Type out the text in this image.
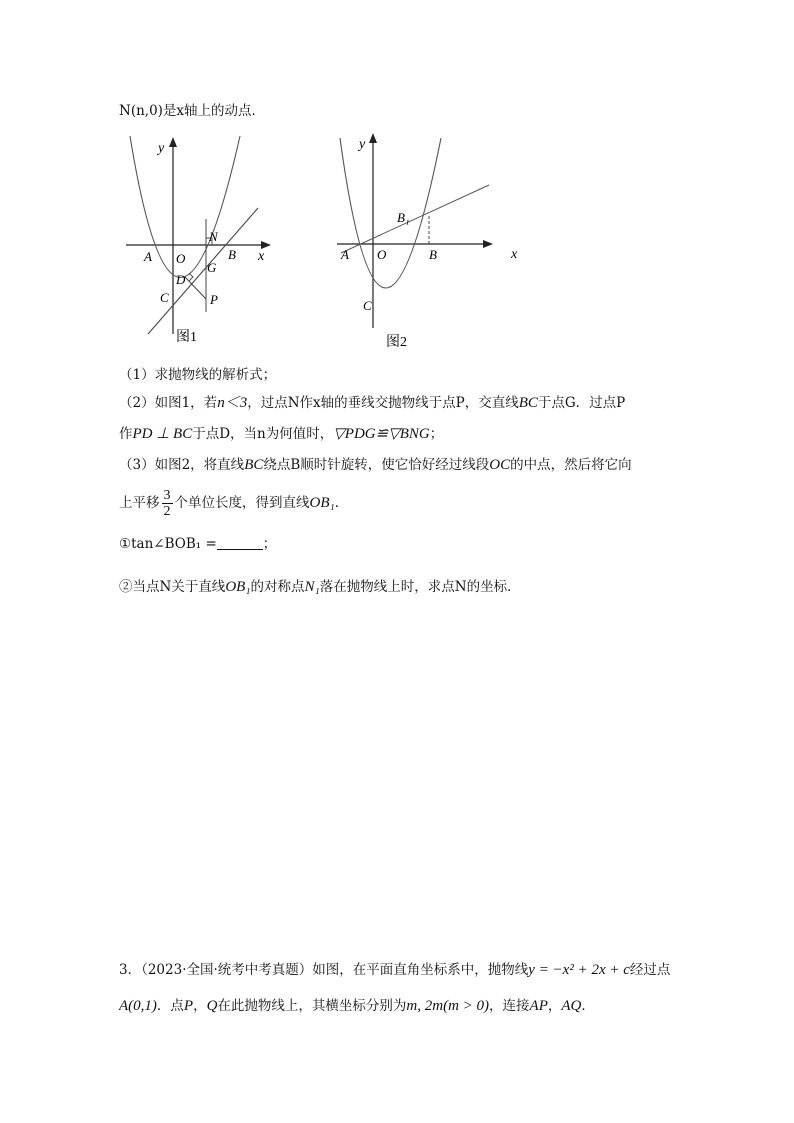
N(n,0)是x轴上的动点．
y
x
O
A	B
N
G
D
C	P
图1
y
x
O
A	B
B₁
C
图2
（1）求抛物线的解析式；
（2）如图1，若n＜3，过点N作x轴的垂线交抛物线于点P，交直线BC于点G．过点P
作PD ⊥ BC于点D，当n为何值时，▽PDG≌▽BNG；
（3）如图2，将直线BC绕点B顺时针旋转，使它恰好经过线段OC的中点，然后将它向
上平移 $\frac{3}{2}$ 个单位长度，得到直线OB₁．
①tan∠BOB₁ =	；
②当点N关于直线OB₁的对称点N₁落在抛物线上时，求点N的坐标．
3．（2023·全国·统考中考真题）如图，在平面直角坐标系中，抛物线y = −x² + 2x + c经过点
A(0,1)．点P，Q在此抛物线上，其横坐标分别为m, 2m(m > 0)，连接AP，AQ．
